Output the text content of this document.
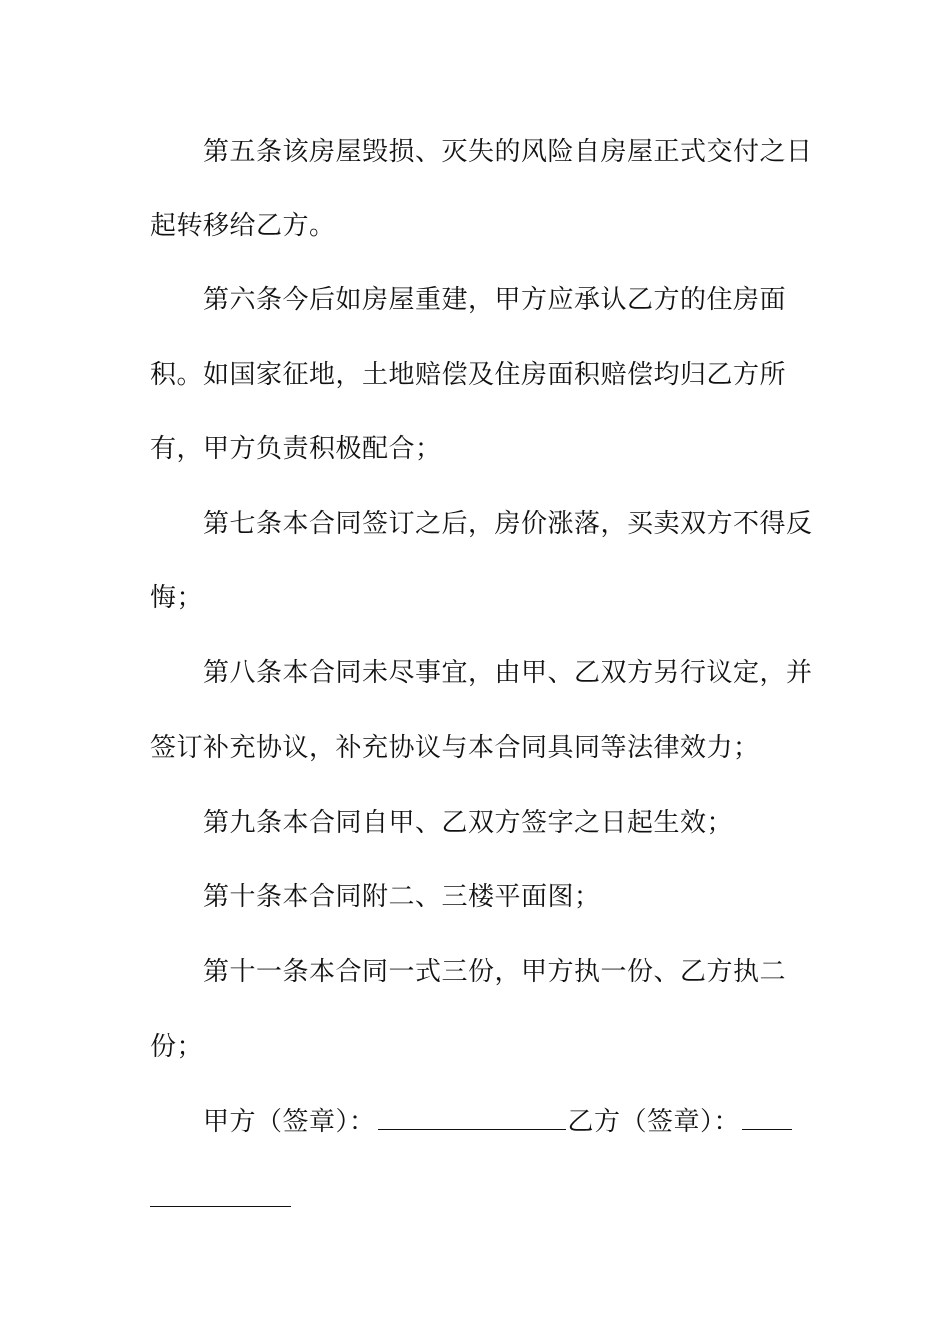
第五条该房屋毁损、灭失的风险自房屋正式交付之日
起转移给乙方。
第六条今后如房屋重建，甲方应承认乙方的住房面
积。如国家征地，土地赔偿及住房面积赔偿均归乙方所
有，甲方负责积极配合；
第七条本合同签订之后，房价涨落，买卖双方不得反
悔；
第八条本合同未尽事宜，由甲、乙双方另行议定，并
签订补充协议，补充协议与本合同具同等法律效力；
第九条本合同自甲、乙双方签字之日起生效；
第十条本合同附二、三楼平面图；
第十一条本合同一式三份，甲方执一份、乙方执二
份；
甲方（签章）：	乙方（签章）：
